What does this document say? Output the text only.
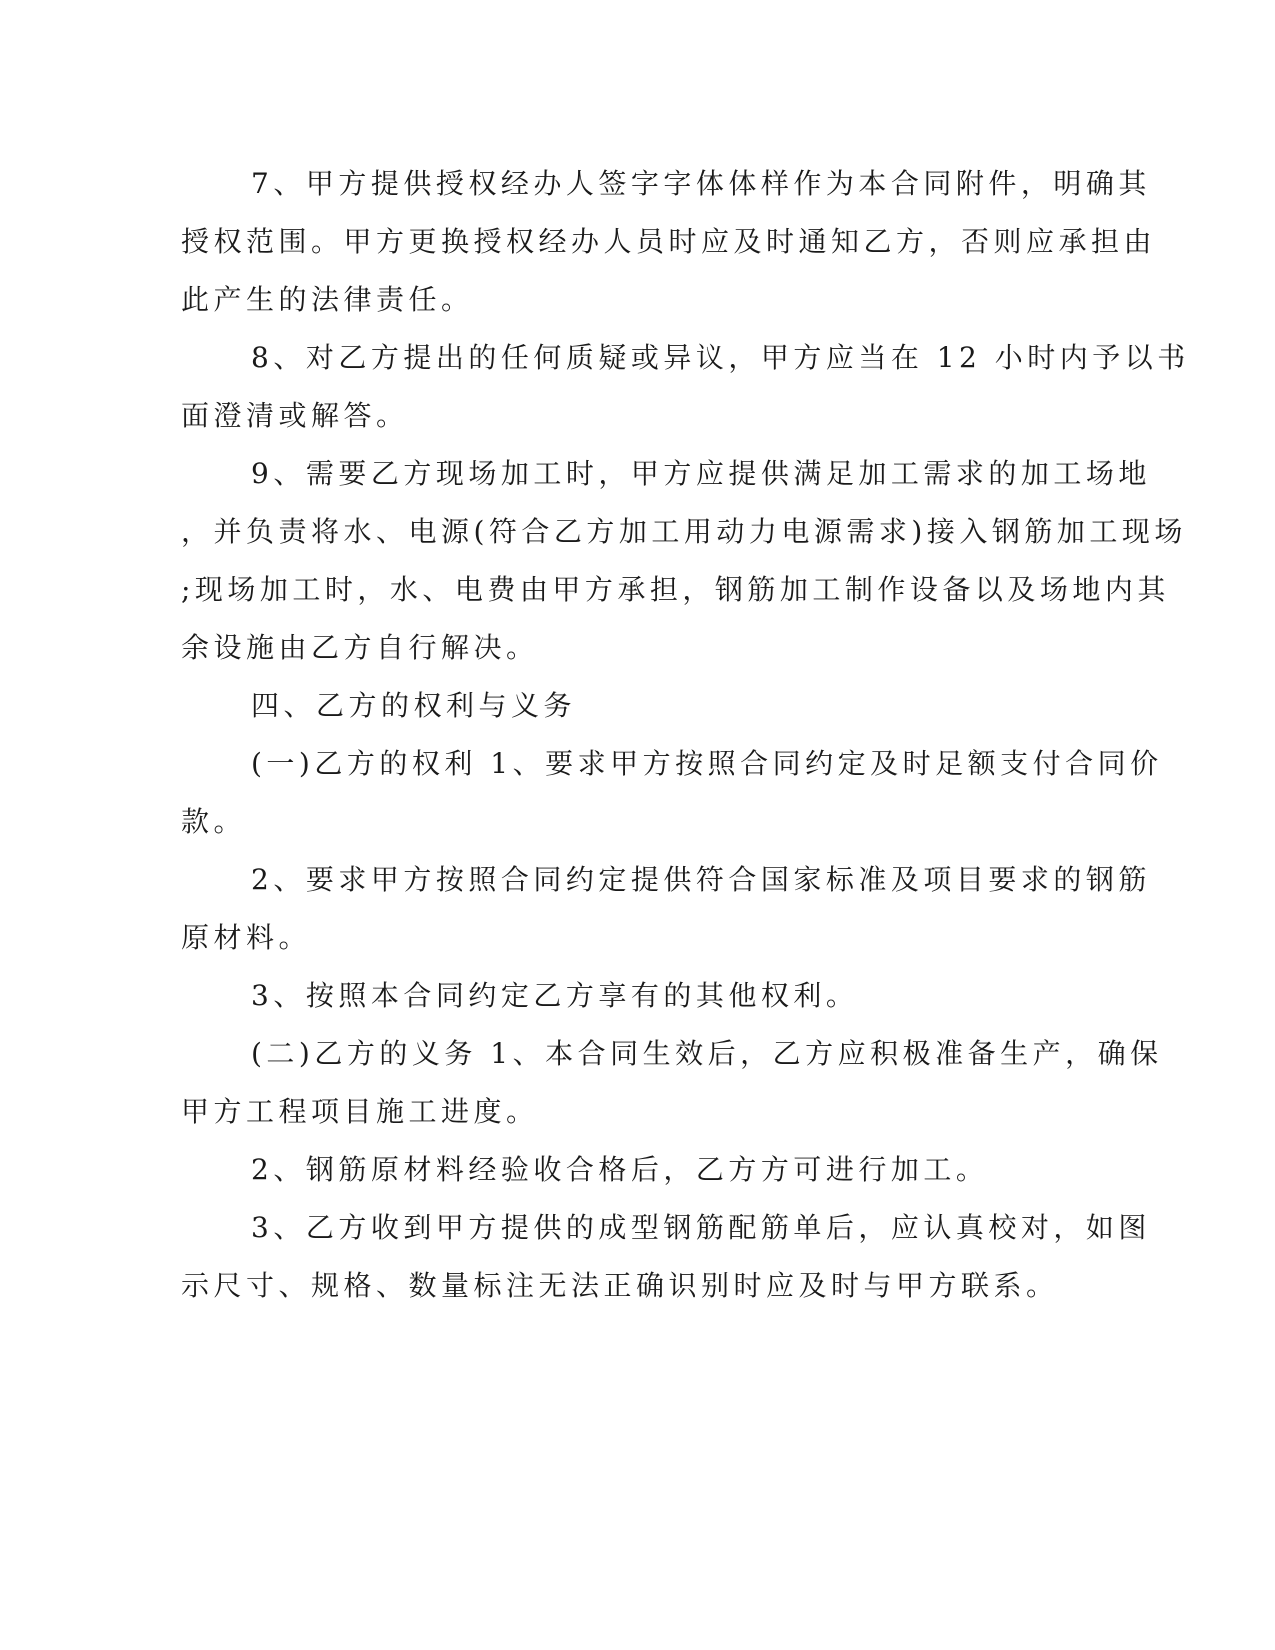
7、甲方提供授权经办人签字字体体样作为本合同附件，明确其
授权范围。甲方更换授权经办人员时应及时通知乙方，否则应承担由
此产生的法律责任。
8、对乙方提出的任何质疑或异议，甲方应当在 12 小时内予以书
面澄清或解答。
9、需要乙方现场加工时，甲方应提供满足加工需求的加工场地
，并负责将水、电源(符合乙方加工用动力电源需求)接入钢筋加工现场
;现场加工时，水、电费由甲方承担，钢筋加工制作设备以及场地内其
余设施由乙方自行解决。
四、乙方的权利与义务
(一)乙方的权利 1、要求甲方按照合同约定及时足额支付合同价
款。
2、要求甲方按照合同约定提供符合国家标准及项目要求的钢筋
原材料。
3、按照本合同约定乙方享有的其他权利。
(二)乙方的义务 1、本合同生效后，乙方应积极准备生产，确保
甲方工程项目施工进度。
2、钢筋原材料经验收合格后，乙方方可进行加工。
3、乙方收到甲方提供的成型钢筋配筋单后，应认真校对，如图
示尺寸、规格、数量标注无法正确识别时应及时与甲方联系。
